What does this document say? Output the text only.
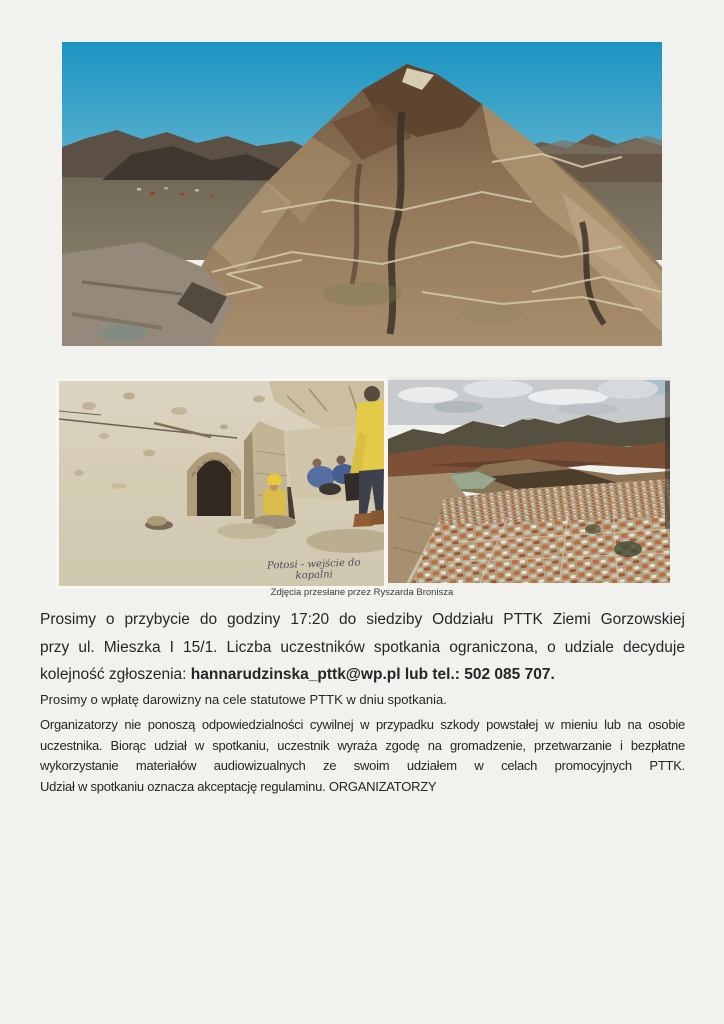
Potosi - wejście do
kopalni
Zdjęcia przesłane przez Ryszarda Bronisza
Prosimy o przybycie do godziny 17:20 do siedziby Oddziału PTTK Ziemi Gorzowskiej
przy ul. Mieszka I 15/1. Liczba uczestników spotkania ograniczona, o udziale decyduje
kolejność zgłoszenia: hannarudzinska_pttk@wp.pl lub tel.: 502 085 707.
Prosimy o wpłatę darowizny na cele statutowe PTTK w dniu spotkania.
Organizatorzy nie ponoszą odpowiedzialności cywilnej w przypadku szkody powstałej w mieniu lub na osobie
uczestnika. Biorąc udział w spotkaniu, uczestnik wyraża zgodę na gromadzenie, przetwarzanie i bezpłatne
wykorzystanie materiałów audiowizualnych ze swoim udziałem w celach promocyjnych PTTK.
Udział w spotkaniu oznacza akceptację regulaminu. ORGANIZATORZY
